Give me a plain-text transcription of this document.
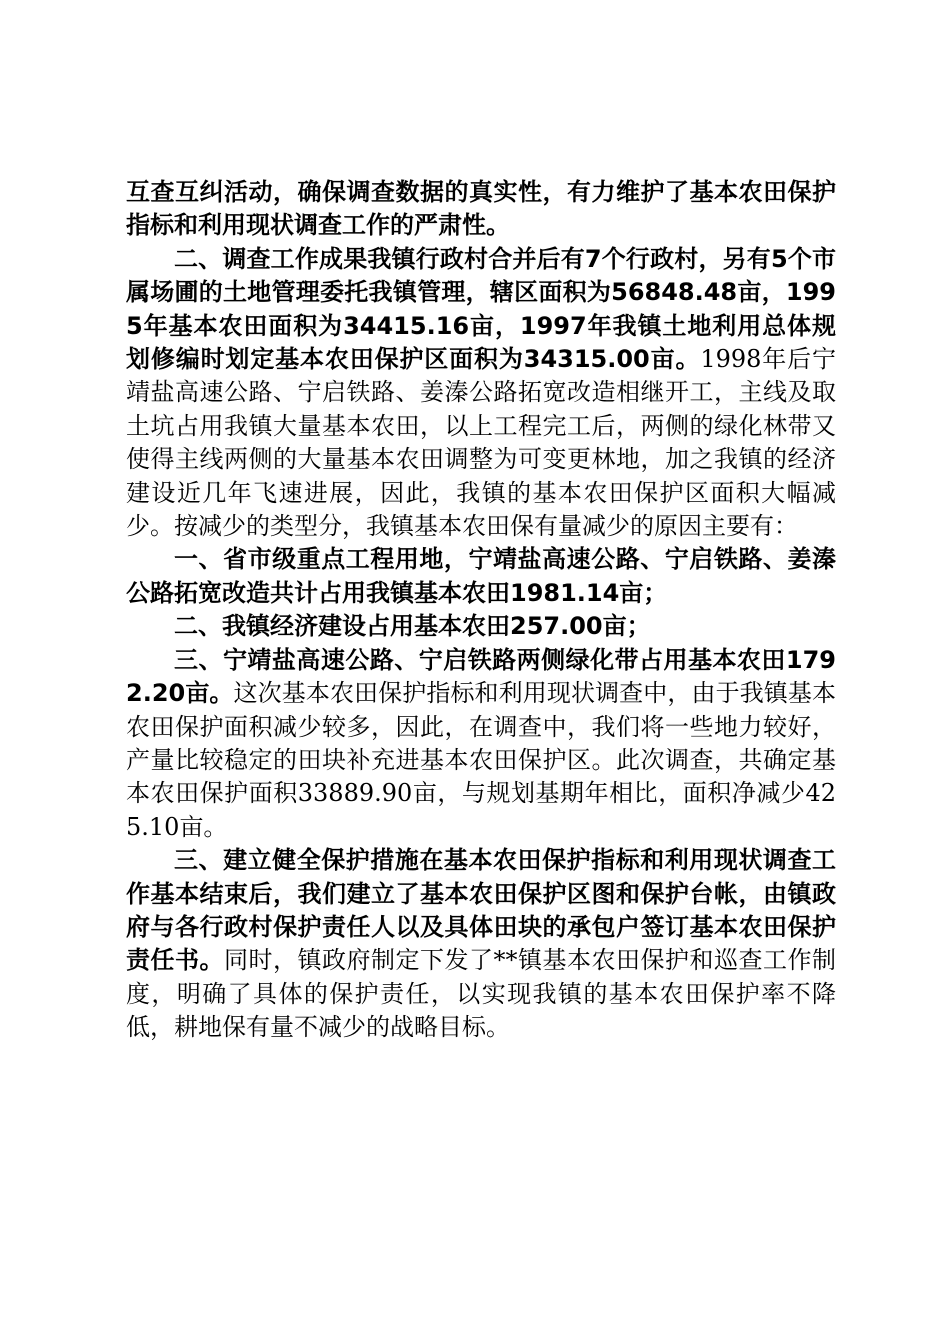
互查互纠活动，确保调查数据的真实性，有力维护了基本农田保护指标和利用现状调查工作的严肃性。

二、调查工作成果我镇行政村合并后有7个行政村，另有5个市属场圃的土地管理委托我镇管理，辖区面积为56848.48亩，1995年基本农田面积为34415.16亩，1997年我镇土地利用总体规划修编时划定基本农田保护区面积为34315.00亩。1998年后宁靖盐高速公路、宁启铁路、姜溱公路拓宽改造相继开工，主线及取土坑占用我镇大量基本农田，以上工程完工后，两侧的绿化林带又使得主线两侧的大量基本农田调整为可变更林地，加之我镇的经济建设近几年飞速进展，因此，我镇的基本农田保护区面积大幅减少。按减少的类型分，我镇基本农田保有量减少的原因主要有：

一、省市级重点工程用地，宁靖盐高速公路、宁启铁路、姜溱公路拓宽改造共计占用我镇基本农田1981.14亩；

二、我镇经济建设占用基本农田257.00亩；

三、宁靖盐高速公路、宁启铁路两侧绿化带占用基本农田1792.20亩。这次基本农田保护指标和利用现状调查中，由于我镇基本农田保护面积减少较多，因此，在调查中，我们将一些地力较好，产量比较稳定的田块补充进基本农田保护区。此次调查，共确定基本农田保护面积33889.90亩，与规划基期年相比，面积净减少425.10亩。

三、建立健全保护措施在基本农田保护指标和利用现状调查工作基本结束后，我们建立了基本农田保护区图和保护台帐，由镇政府与各行政村保护责任人以及具体田块的承包户签订基本农田保护责任书。同时，镇政府制定下发了**镇基本农田保护和巡查工作制度，明确了具体的保护责任，以实现我镇的基本农田保护率不降低，耕地保有量不减少的战略目标。
